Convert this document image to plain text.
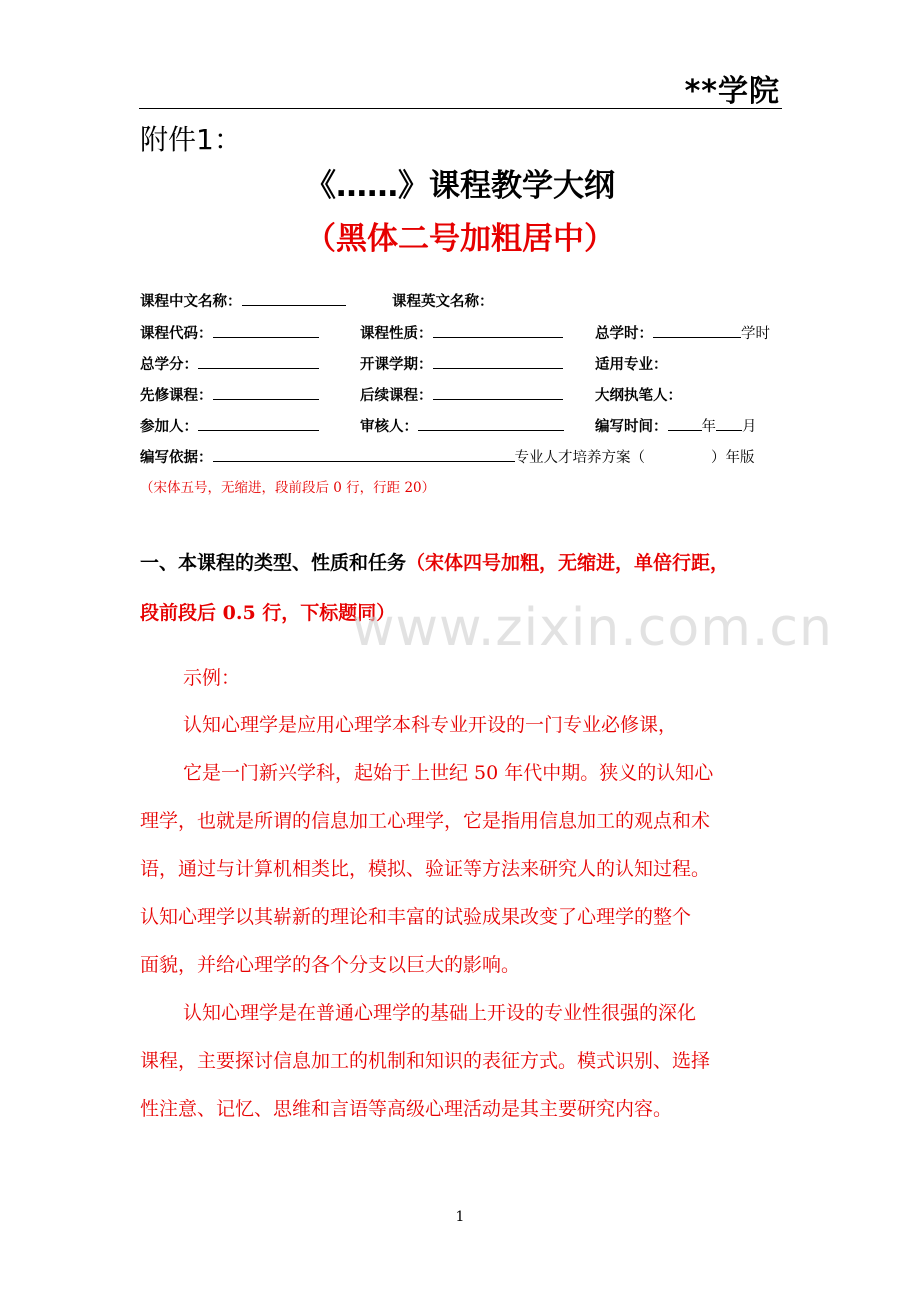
**学院
附件1：
《……》课程教学大纲
（黑体二号加粗居中）
课程中文名称：	课程英文名称：
课程代码：	课程性质：	总学时：	学时
总学分：	开课学期：	适用专业：
先修课程：	后续课程：	大纲执笔人：
参加人：	审核人：	编写时间： 年 月
编写依据：	专业人才培养方案（	）年版
（宋体五号，无缩进，段前段后 0 行，行距 20）
一、本课程的类型、性质和任务（宋体四号加粗，无缩进，单倍行距，
段前段后 0.5 行，下标题同）
www.zixin.com.cn
示例：
认知心理学是应用心理学本科专业开设的一门专业必修课，
它是一门新兴学科，起始于上世纪 50 年代中期。狭义的认知心
理学，也就是所谓的信息加工心理学，它是指用信息加工的观点和术
语，通过与计算机相类比，模拟、验证等方法来研究人的认知过程。
认知心理学以其崭新的理论和丰富的试验成果改变了心理学的整个
面貌，并给心理学的各个分支以巨大的影响。
认知心理学是在普通心理学的基础上开设的专业性很强的深化
课程，主要探讨信息加工的机制和知识的表征方式。模式识别、选择
性注意、记忆、思维和言语等高级心理活动是其主要研究内容。
1
